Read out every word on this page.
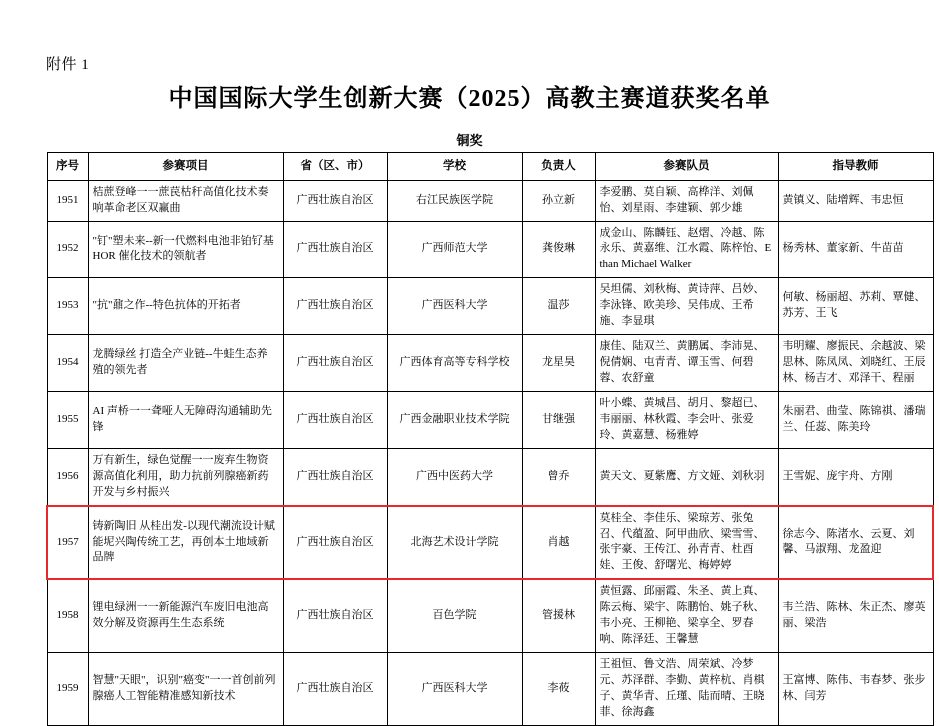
附件 1
中国国际大学生创新大赛（2025）高教主赛道获奖名单
铜奖
序号	参赛项目	省（区、市）	学校	负责人	参赛队员	指导教师
1951	桔蔗登峰一一蔗苠枯秆高值化技术奏响革命老区双赢曲	广西壮族自治区	右江民族医学院	孙立新	李爱鹏、莫自颖、高桦洋、刘佩怡、刘星雨、李建颖、郭少雄	黄镇义、陆增辉、韦忠恒
1952	"钉"塑未来--新一代燃料电池非铂钌基 HOR 催化技术的领航者	广西壮族自治区	广西师范大学	龚俊琳	成金山、陈麟钰、赵熠、冷越、陈永乐、黄嘉维、江水霞、陈梓怡、Ethan Michael Walker	杨秀林、董家新、牛苗苗
1953	"抗"鼐之作--特色抗体的开拓者	广西壮族自治区	广西医科大学	温莎	吴坦儒、刘秋梅、黄诗萍、吕妙、李泳锋、欧美珍、吴伟成、王希施、李显琪	何敏、杨丽超、苏莉、覃健、苏芳、王飞
1954	龙腾绿丝 打造全产业链--牛蛙生态养殖的领先者	广西壮族自治区	广西体育高等专科学校	龙星昊	康佳、陆双兰、黄鹏属、李沛晃、倪倩娴、屯青青、谭玉雪、何碧蓉、农舒童	韦明耀、廖振民、余越波、梁思林、陈凤凤、刘晓红、王辰林、杨吉才、邓泽干、程丽
1955	AI 声桥一一聋哑人无障碍沟通辅助先锋	广西壮族自治区	广西金融职业技术学院	甘继强	叶小蝶、黄城昌、胡月、黎超已、韦丽丽、林秋霞、李会叶、张爱玲、黄嘉慧、杨雅婷	朱丽君、曲莹、陈锦祺、潘瑞兰、任蕊、陈美玲
1956	万有新生，绿色觉醒一一废弃生物资源高值化利用，助力抗前列腺癌新药开发与乡村振兴	广西壮族自治区	广西中医药大学	曾乔	黄天文、夏紫鹰、方文娅、刘秋羽	王雪妮、庞宇舟、方刚
1957	铸新陶旧 从桂出发-以现代潮流设计赋能坭兴陶传统工艺，再创本土地域新品牌	广西壮族自治区	北海艺术设计学院	肖越	莫桂全、李佳乐、梁琼芳、张兔召、代蕴盈、阿甲曲欣、梁雪雪、张宇豪、王传江、孙青青、杜酉娃、王俊、舒曙光、梅婷婷	徐志今、陈渚水、云夏、刘馨、马淑翔、龙盈迎
1958	锂电绿洲一一新能源汽车废旧电池高效分解及资源再生生态系统	广西壮族自治区	百色学院	管援林	黄恒露、邱丽霞、朱圣、黄上真、陈云梅、梁宇、陈鹏怡、姚子秋、韦小亮、王柳艳、梁享全、罗春响、陈泽廷、王馨慧	韦兰浩、陈林、朱正杰、廖英丽、梁浩
1959	智慧"天眼"，识别"癌变"一一首创前列腺癌人工智能精准感知新技术	广西壮族自治区	广西医科大学	李莜	王祖恒、鲁文浩、周荣斌、冷梦元、苏泽群、李勤、黄梓杭、肖棋子、黄华青、丘瑾、陆而晴、王晓菲、徐海鑫	王富博、陈伟、韦春梦、张步林、闫芳
